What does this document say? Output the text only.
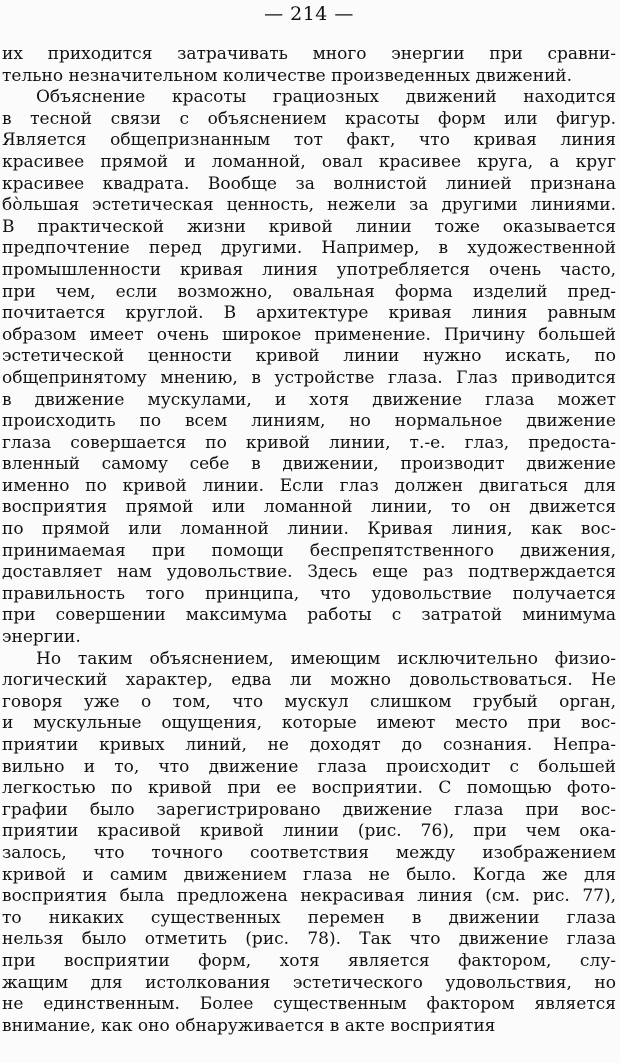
— 214 —
их приходится затрачивать много энергии при сравни-
тельно незначительном количестве произведенных движений.
Объяснение красоты грациозных движений находится
в тесной связи с объяснением красоты форм или фигур.
Является общепризнанным тот факт, что кривая линия
красивее прямой и ломанной, овал красивее круга, а круг
красивее квадрата. Вообще за волнистой линией признана
бо̀льшая эстетическая ценность, нежели за другими линиями.
В практической жизни кривой линии тоже оказывается
предпочтение перед другими. Например, в художественной
промышленности кривая линия употребляется очень часто,
при чем, если возможно, овальная форма изделий пред-
почитается круглой. В архитектуре кривая линия равным
образом имеет очень широкое применение. Причину большей
эстетической ценности кривой линии нужно искать, по
общепринятому мнению, в устройстве глаза. Глаз приводится
в движение мускулами, и хотя движение глаза может
происходить по всем линиям, но нормальное движение
глаза совершается по кривой линии, т.-е. глаз, предоста-
вленный самому себе в движении, производит движение
именно по кривой линии. Если глаз должен двигаться для
восприятия прямой или ломанной линии, то он движется
по прямой или ломанной линии. Кривая линия, как вос-
принимаемая при помощи беспрепятственного движения,
доставляет нам удовольствие. Здесь еще раз подтверждается
правильность того принципа, что удовольствие получается
при совершении максимума работы с затратой минимума
энергии.
Но таким объяснением, имеющим исключительно физио-
логический характер, едва ли можно довольствоваться. Не
говоря уже о том, что мускул слишком грубый орган,
и мускульные ощущения, которые имеют место при вос-
приятии кривых линий, не доходят до сознания. Непра-
вильно и то, что движение глаза происходит с большей
легкостью по кривой при ее восприятии. С помощью фото-
графии было зарегистрировано движение глаза при вос-
приятии красивой кривой линии (рис. 76), при чем ока-
залось, что точного соответствия между изображением
кривой и самим движением глаза не было. Когда же для
восприятия была предложена некрасивая линия (см. рис. 77),
то никаких существенных перемен в движении глаза
нельзя было отметить (рис. 78). Так что движение глаза
при восприятии форм, хотя является фактором, слу-
жащим для истолкования эстетического удовольствия, но
не единственным. Более существенным фактором является
внимание, как оно обнаруживается в акте восприятия
